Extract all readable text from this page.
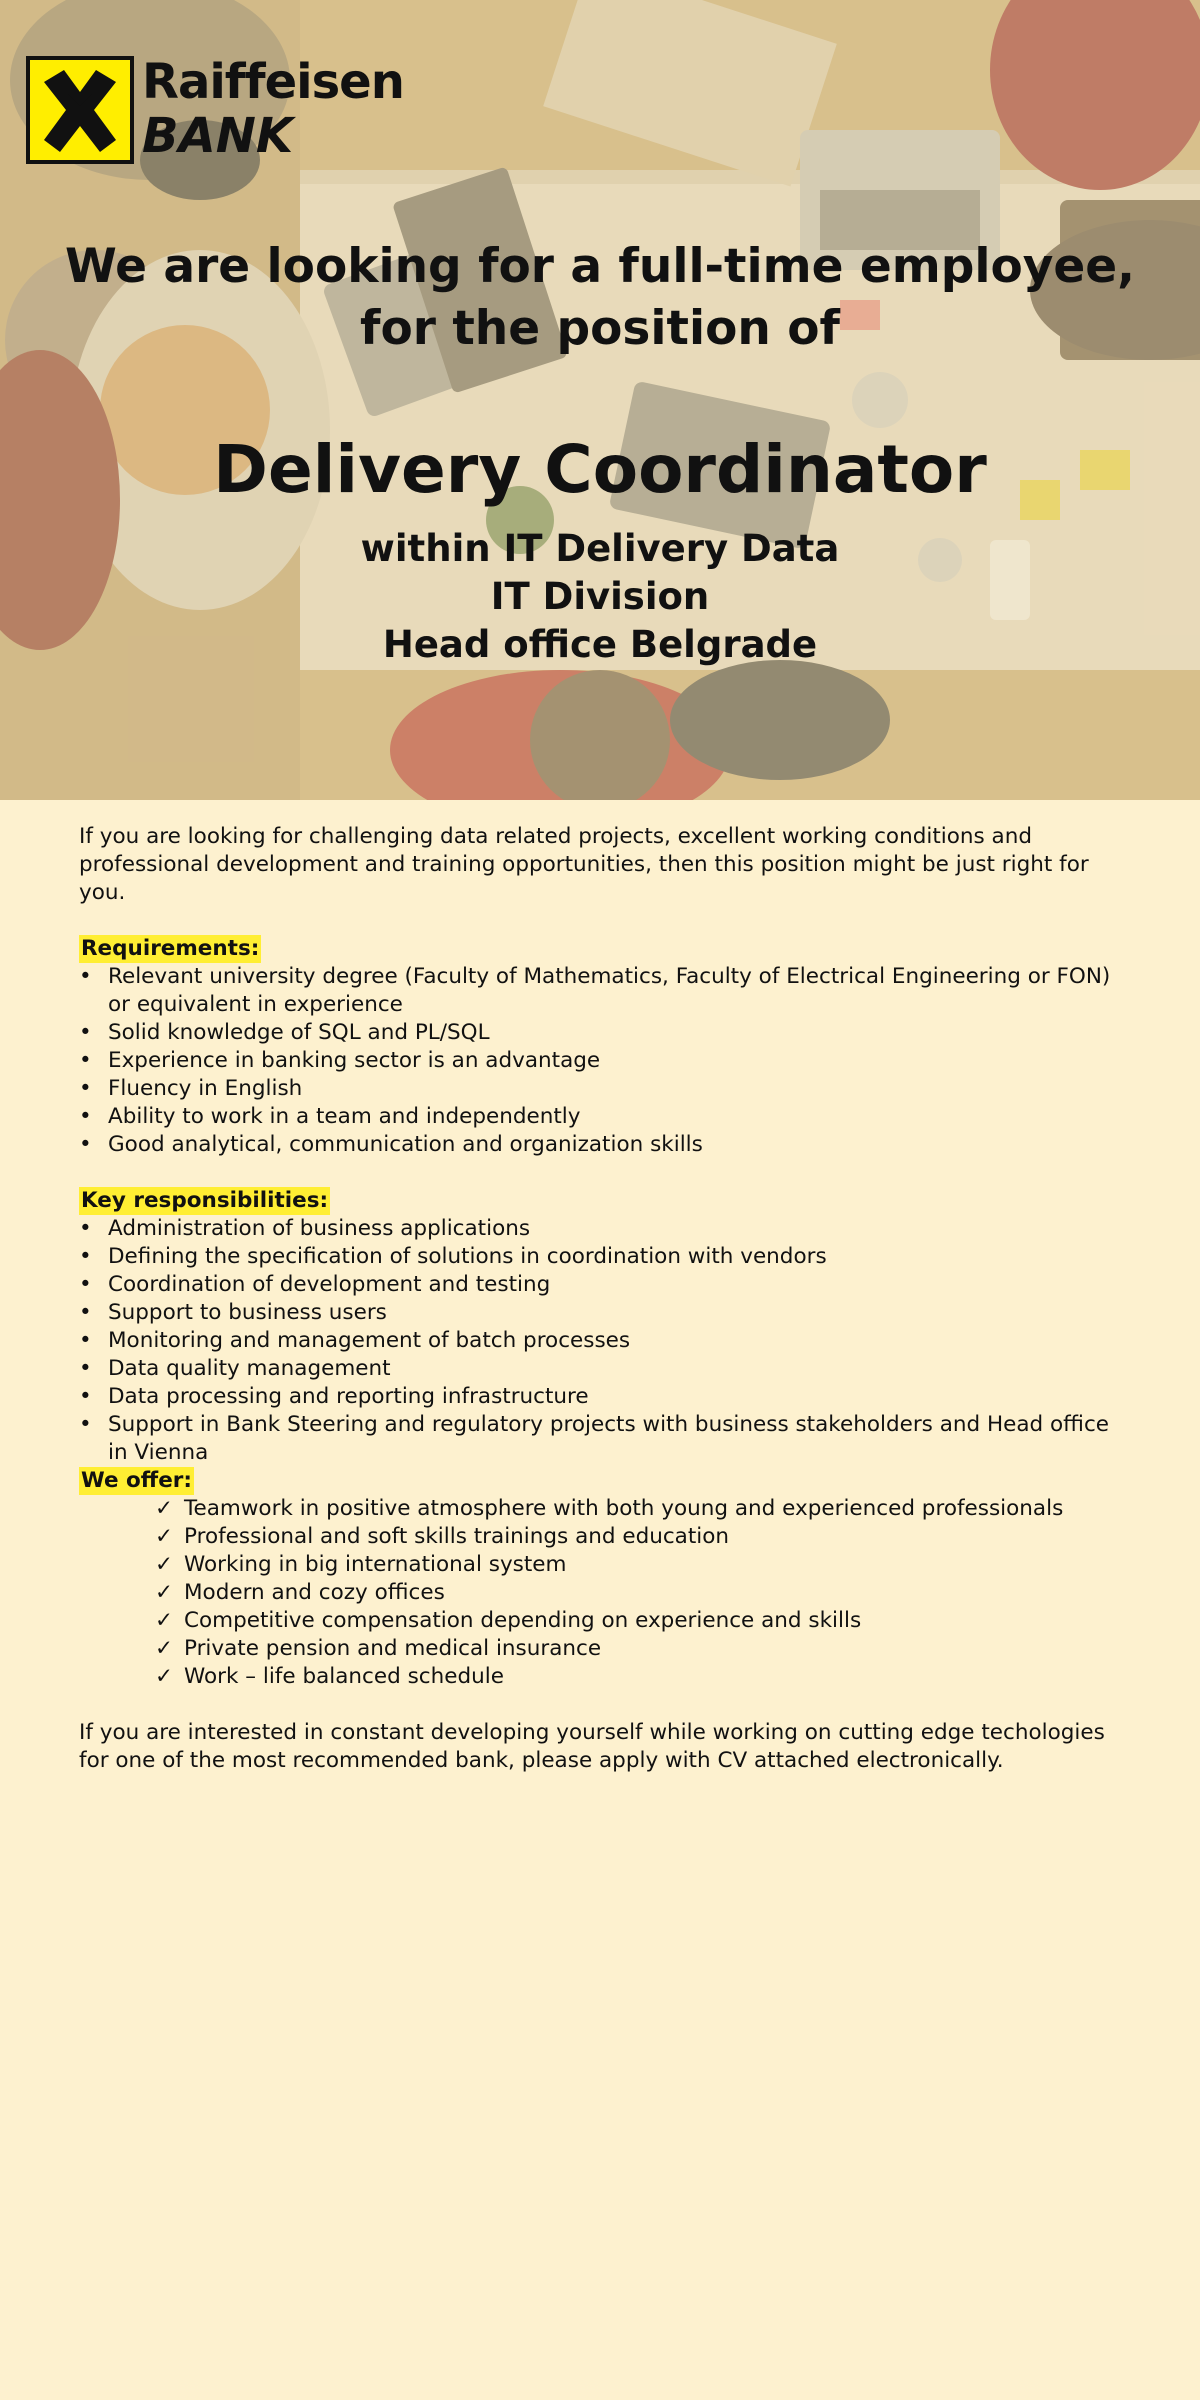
Raiffeisen
BANK
We are looking for a full-time employee, for the position of
Delivery Coordinator
within IT Delivery Data
IT Division
Head office Belgrade

If you are looking for challenging data related projects, excellent working conditions and professional development and training opportunities, then this position might be just right for you.

Requirements:
• Relevant university degree (Faculty of Mathematics, Faculty of Electrical Engineering or FON) or equivalent in experience
• Solid knowledge of SQL and PL/SQL
• Experience in banking sector is an advantage
• Fluency in English
• Ability to work in a team and independently
• Good analytical, communication and organization skills
Key responsibilities:
• Administration of business applications
• Defining the specification of solutions in coordination with vendors
• Coordination of development and testing
• Support to business users
• Monitoring and management of batch processes
• Data quality management
• Data processing and reporting infrastructure
• Support in Bank Steering and regulatory projects with business stakeholders and Head office in Vienna
We offer:
✓ Teamwork in positive atmosphere with both young and experienced professionals
✓ Professional and soft skills trainings and education
✓ Working in big international system
✓ Modern and cozy offices
✓ Competitive compensation depending on experience and skills
✓ Private pension and medical insurance
✓ Work – life balanced schedule

If you are interested in constant developing yourself while working on cutting edge techologies for one of the most recommended bank, please apply with CV attached electronically.
